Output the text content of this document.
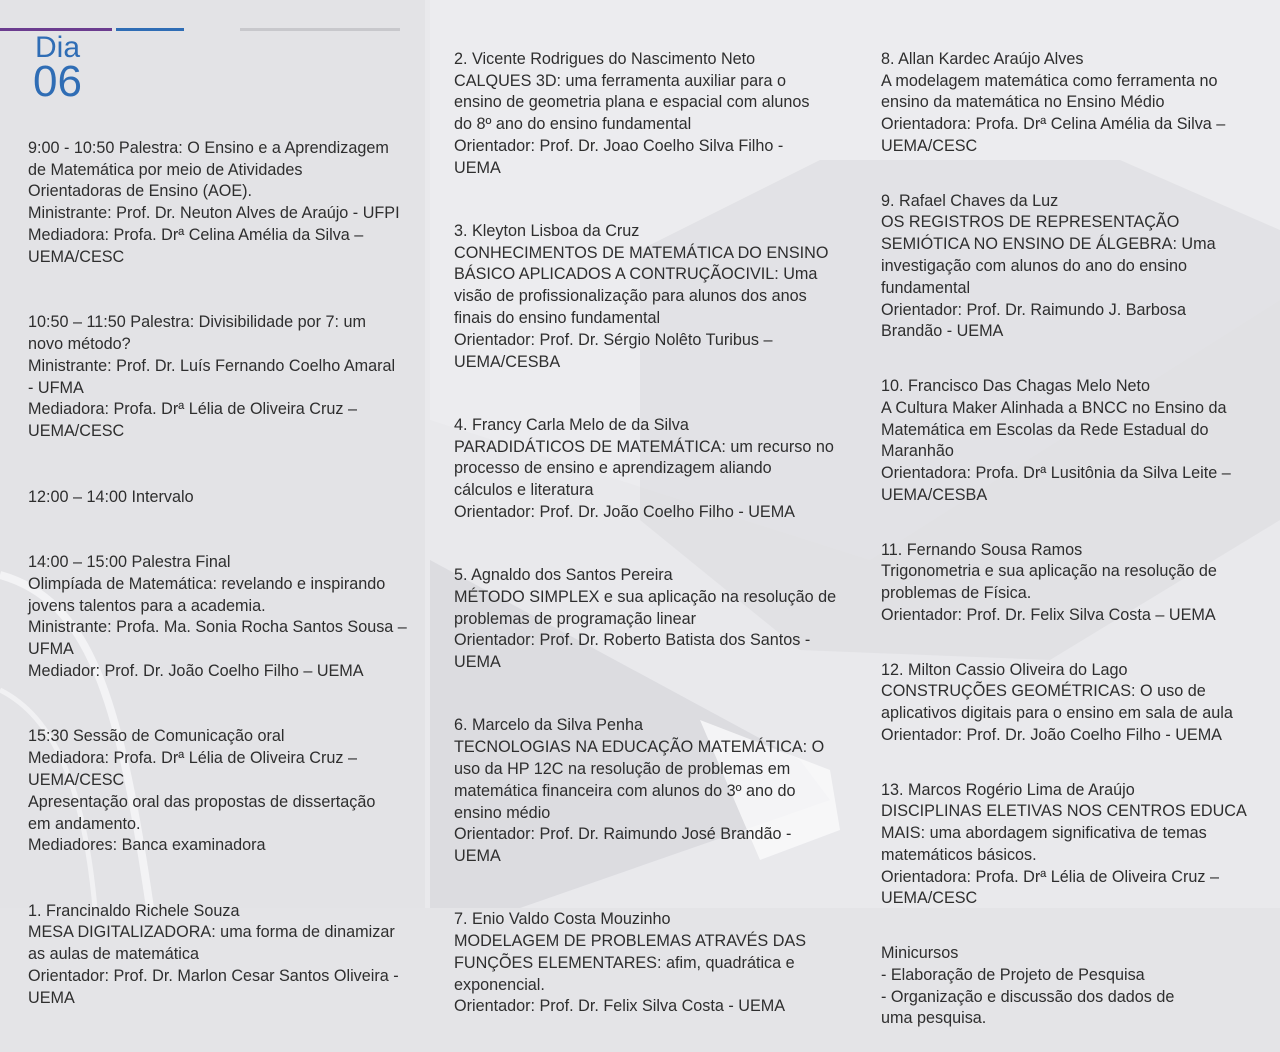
Dia
06

9:00 - 10:50 Palestra: O Ensino e a Aprendizagem
de Matemática por meio de Atividades
Orientadoras de Ensino (AOE).
Ministrante: Prof. Dr. Neuton Alves de Araújo - UFPI
Mediadora: Profa. Drª Celina Amélia da Silva –
UEMA/CESC

10:50 – 11:50 Palestra: Divisibilidade por 7: um
novo método?
Ministrante: Prof. Dr. Luís Fernando Coelho Amaral
- UFMA
Mediadora: Profa. Drª Lélia de Oliveira Cruz –
UEMA/CESC

12:00 – 14:00 Intervalo

14:00 – 15:00 Palestra Final
Olimpíada de Matemática: revelando e inspirando
jovens talentos para a academia.
Ministrante: Profa. Ma. Sonia Rocha Santos Sousa –
UFMA
Mediador: Prof. Dr. João Coelho Filho – UEMA

15:30 Sessão de Comunicação oral
Mediadora: Profa. Drª Lélia de Oliveira Cruz –
UEMA/CESC
Apresentação oral das propostas de dissertação
em andamento.
Mediadores: Banca examinadora

1. Francinaldo Richele Souza
MESA DIGITALIZADORA: uma forma de dinamizar
as aulas de matemática
Orientador: Prof. Dr. Marlon Cesar Santos Oliveira -
UEMA

2. Vicente Rodrigues do Nascimento Neto
CALQUES 3D: uma ferramenta auxiliar para o
ensino de geometria plana e espacial com alunos
do 8º ano do ensino fundamental
Orientador: Prof. Dr. Joao Coelho Silva Filho -
UEMA

3. Kleyton Lisboa da Cruz
CONHECIMENTOS DE MATEMÁTICA DO ENSINO
BÁSICO APLICADOS A CONTRUÇÃOCIVIL: Uma
visão de profissionalização para alunos dos anos
finais do ensino fundamental
Orientador: Prof. Dr. Sérgio Nolêto Turibus –
UEMA/CESBA

4. Francy Carla Melo de da Silva
PARADIDÁTICOS DE MATEMÁTICA: um recurso no
processo de ensino e aprendizagem aliando
cálculos e literatura
Orientador: Prof. Dr. João Coelho Filho - UEMA

5. Agnaldo dos Santos Pereira
MÉTODO SIMPLEX e sua aplicação na resolução de
problemas de programação linear
Orientador: Prof. Dr. Roberto Batista dos Santos -
UEMA

6. Marcelo da Silva Penha
TECNOLOGIAS NA EDUCAÇÃO MATEMÁTICA: O
uso da HP 12C na resolução de problemas em
matemática financeira com alunos do 3º ano do
ensino médio
Orientador: Prof. Dr. Raimundo José Brandão -
UEMA

7. Enio Valdo Costa Mouzinho
MODELAGEM DE PROBLEMAS ATRAVÉS DAS
FUNÇÕES ELEMENTARES: afim, quadrática e
exponencial.
Orientador: Prof. Dr. Felix Silva Costa - UEMA

8. Allan Kardec Araújo Alves
A modelagem matemática como ferramenta no
ensino da matemática no Ensino Médio
Orientadora: Profa. Drª Celina Amélia da Silva –
UEMA/CESC

9. Rafael Chaves da Luz
OS REGISTROS DE REPRESENTAÇÃO
SEMIÓTICA NO ENSINO DE ÁLGEBRA: Uma
investigação com alunos do ano do ensino
fundamental
Orientador: Prof. Dr. Raimundo J. Barbosa
Brandão - UEMA

10. Francisco Das Chagas Melo Neto
A Cultura Maker Alinhada a BNCC no Ensino da
Matemática em Escolas da Rede Estadual do
Maranhão
Orientadora: Profa. Drª Lusitônia da Silva Leite –
UEMA/CESBA

11. Fernando Sousa Ramos
Trigonometria e sua aplicação na resolução de
problemas de Física.
Orientador: Prof. Dr. Felix Silva Costa – UEMA

12. Milton Cassio Oliveira do Lago
CONSTRUÇÕES GEOMÉTRICAS: O uso de
aplicativos digitais para o ensino em sala de aula
Orientador: Prof. Dr. João Coelho Filho - UEMA

13. Marcos Rogério Lima de Araújo
DISCIPLINAS ELETIVAS NOS CENTROS EDUCA
MAIS: uma abordagem significativa de temas
matemáticos básicos.
Orientadora: Profa. Drª Lélia de Oliveira Cruz –
UEMA/CESC

Minicursos
- Elaboração de Projeto de Pesquisa
- Organização e discussão dos dados de
uma pesquisa.
